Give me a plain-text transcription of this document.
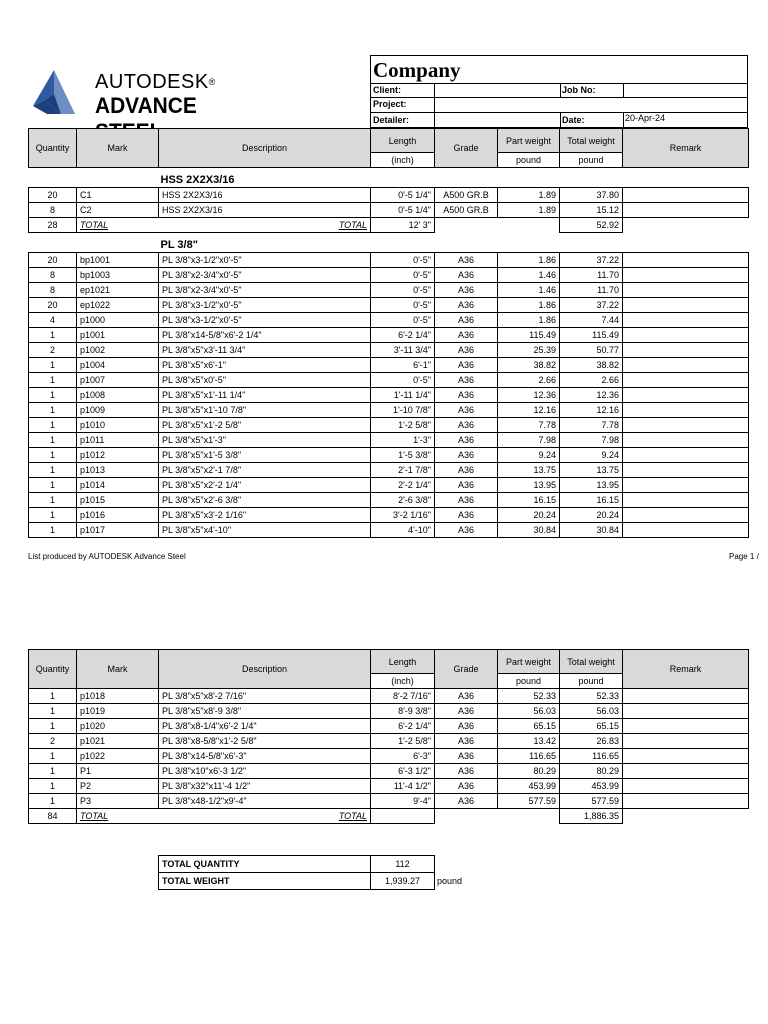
AUTODESK®
ADVANCE
Company
Client:	Job No:
Project:
Detailer:	Date:	20-Apr-24
Quantity	Mark	Description	Length	Grade	Part weight	Total weight	Remark
			(inch)		pound	pound	
		HSS 2X2X3/16					
20	C1	HSS 2X2X3/16	0'-5 1/4"	A500 GR.B	1.89	37.80	
8	C2	HSS 2X2X3/16	0'-5 1/4"	A500 GR.B	1.89	15.12	
28	TOTAL	TOTAL	12' 3"			52.92	
		PL 3/8"					
20	bp1001	PL 3/8"x3-1/2"x0'-5"	0'-5"	A36	1.86	37.22	
8	bp1003	PL 3/8"x2-3/4"x0'-5"	0'-5"	A36	1.46	11.70	
8	ep1021	PL 3/8"x2-3/4"x0'-5"	0'-5"	A36	1.46	11.70	
20	ep1022	PL 3/8"x3-1/2"x0'-5"	0'-5"	A36	1.86	37.22	
4	p1000	PL 3/8"x3-1/2"x0'-5"	0'-5"	A36	1.86	7.44	
1	p1001	PL 3/8"x14-5/8"x6'-2 1/4"	6'-2 1/4"	A36	115.49	115.49	
2	p1002	PL 3/8"x5"x3'-11 3/4"	3'-11 3/4"	A36	25.39	50.77	
1	p1004	PL 3/8"x5"x6'-1"	6'-1"	A36	38.82	38.82	
1	p1007	PL 3/8"x5"x0'-5"	0'-5"	A36	2.66	2.66	
1	p1008	PL 3/8"x5"x1'-11 1/4"	1'-11 1/4"	A36	12.36	12.36	
1	p1009	PL 3/8"x5"x1'-10 7/8"	1'-10 7/8"	A36	12.16	12.16	
1	p1010	PL 3/8"x5"x1'-2 5/8"	1'-2 5/8"	A36	7.78	7.78	
1	p1011	PL 3/8"x5"x1'-3"	1'-3"	A36	7.98	7.98	
1	p1012	PL 3/8"x5"x1'-5 3/8"	1'-5 3/8"	A36	9.24	9.24	
1	p1013	PL 3/8"x5"x2'-1 7/8"	2'-1 7/8"	A36	13.75	13.75	
1	p1014	PL 3/8"x5"x2'-2 1/4"	2'-2 1/4"	A36	13.95	13.95	
1	p1015	PL 3/8"x5"x2'-6 3/8"	2'-6 3/8"	A36	16.15	16.15	
1	p1016	PL 3/8"x5"x3'-2 1/16"	3'-2 1/16"	A36	20.24	20.24	
1	p1017	PL 3/8"x5"x4'-10"	4'-10"	A36	30.84	30.84	
List produced by AUTODESK Advance Steel	Page 1 /
Quantity	Mark	Description	Length	Grade	Part weight	Total weight	Remark
			(inch)		pound	pound	
1	p1018	PL 3/8"x5"x8'-2 7/16"	8'-2 7/16"	A36	52.33	52.33	
1	p1019	PL 3/8"x5"x8'-9 3/8"	8'-9 3/8"	A36	56.03	56.03	
1	p1020	PL 3/8"x8-1/4"x6'-2 1/4"	6'-2 1/4"	A36	65.15	65.15	
2	p1021	PL 3/8"x8-5/8"x1'-2 5/8"	1'-2 5/8"	A36	13.42	26.83	
1	p1022	PL 3/8"x14-5/8"x6'-3"	6'-3"	A36	116.65	116.65	
1	P1	PL 3/8"x10"x6'-3 1/2"	6'-3 1/2"	A36	80.29	80.29	
1	P2	PL 3/8"x32"x11'-4 1/2"	11'-4 1/2"	A36	453.99	453.99	
1	P3	PL 3/8"x48-1/2"x9'-4"	9'-4"	A36	577.59	577.59	
84	TOTAL	TOTAL				1,886.35	
TOTAL QUANTITY	112	
TOTAL WEIGHT	1,939.27	pound
